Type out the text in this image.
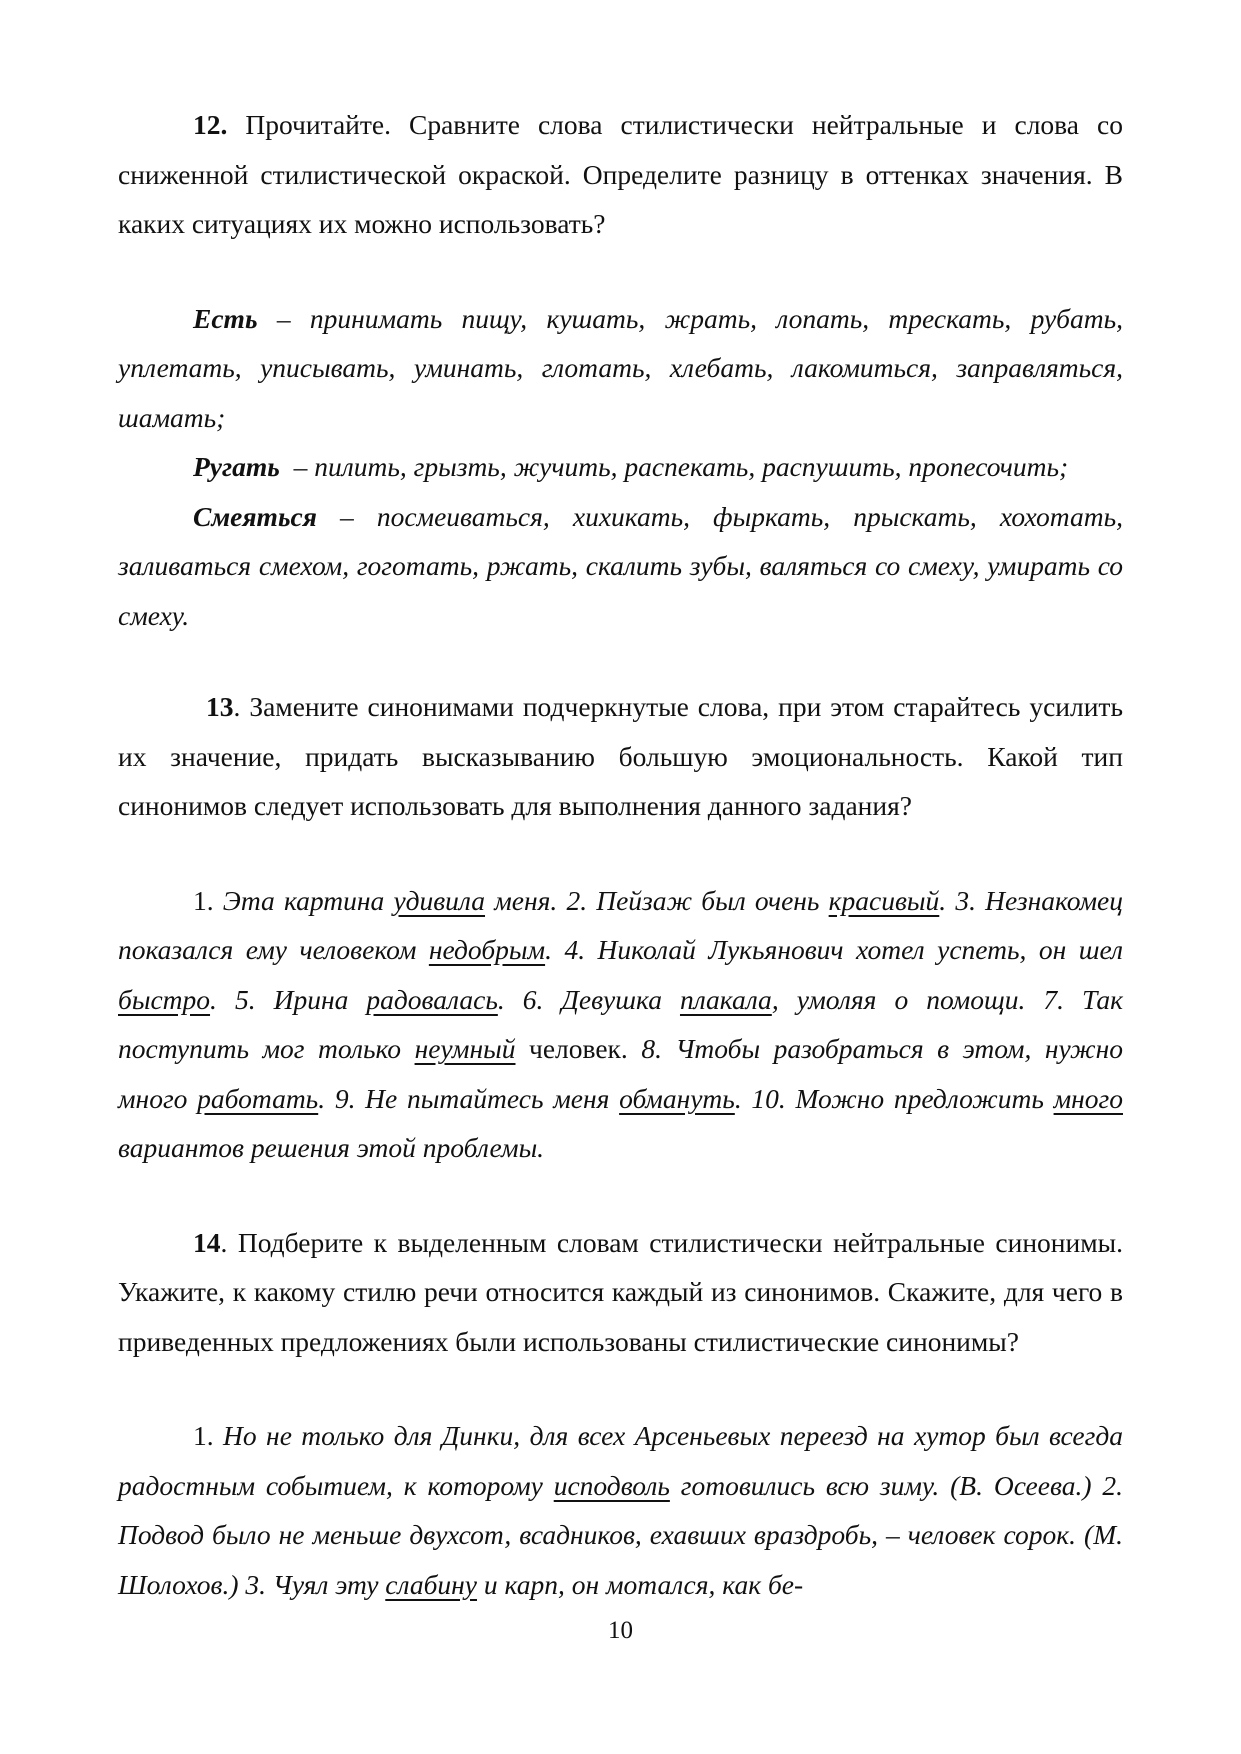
12. Прочитайте. Сравните слова стилистически нейтральные и слова со сниженной стилистической окраской. Определите разницу в оттенках значения. В каких ситуациях их можно использовать?

Есть – принимать пищу, кушать, жрать, лопать, трескать, рубать, уплетать, уписывать, уминать, глотать, хлебать, лакомиться, заправляться, шамать;

Ругать – пилить, грызть, жучить, распекать, распушить, пропесочить;

Смеяться – посмеиваться, хихикать, фыркать, прыскать, хохотать, заливаться смехом, гоготать, ржать, скалить зубы, валяться со смеху, умирать со смеху.

13. Замените синонимами подчеркнутые слова, при этом старайтесь усилить их значение, придать высказыванию большую эмоциональность. Какой тип синонимов следует использовать для выполнения данного задания?

1. Эта картина удивила меня. 2. Пейзаж был очень красивый. 3. Незнакомец показался ему человеком недобрым. 4. Николай Лукьянович хотел успеть, он шел быстро. 5. Ирина радовалась. 6. Девушка плакала, умоляя о помощи. 7. Так поступить мог только неумный человек. 8. Чтобы разобраться в этом, нужно много работать. 9. Не пытайтесь меня обмануть. 10. Можно предложить много вариантов решения этой проблемы.

14. Подберите к выделенным словам стилистически нейтральные синонимы. Укажите, к какому стилю речи относится каждый из синонимов. Скажите, для чего в приведенных предложениях были использованы стилистические синонимы?

1. Но не только для Динки, для всех Арсеньевых переезд на хутор был всегда радостным событием, к которому исподволь готовились всю зиму. (В. Осеева.) 2. Подвод было не меньше двухсот, всадников, ехавших враздробь, – человек сорок. (М. Шолохов.) 3. Чуял эту слабину и карп, он мотался, как бе-

10
